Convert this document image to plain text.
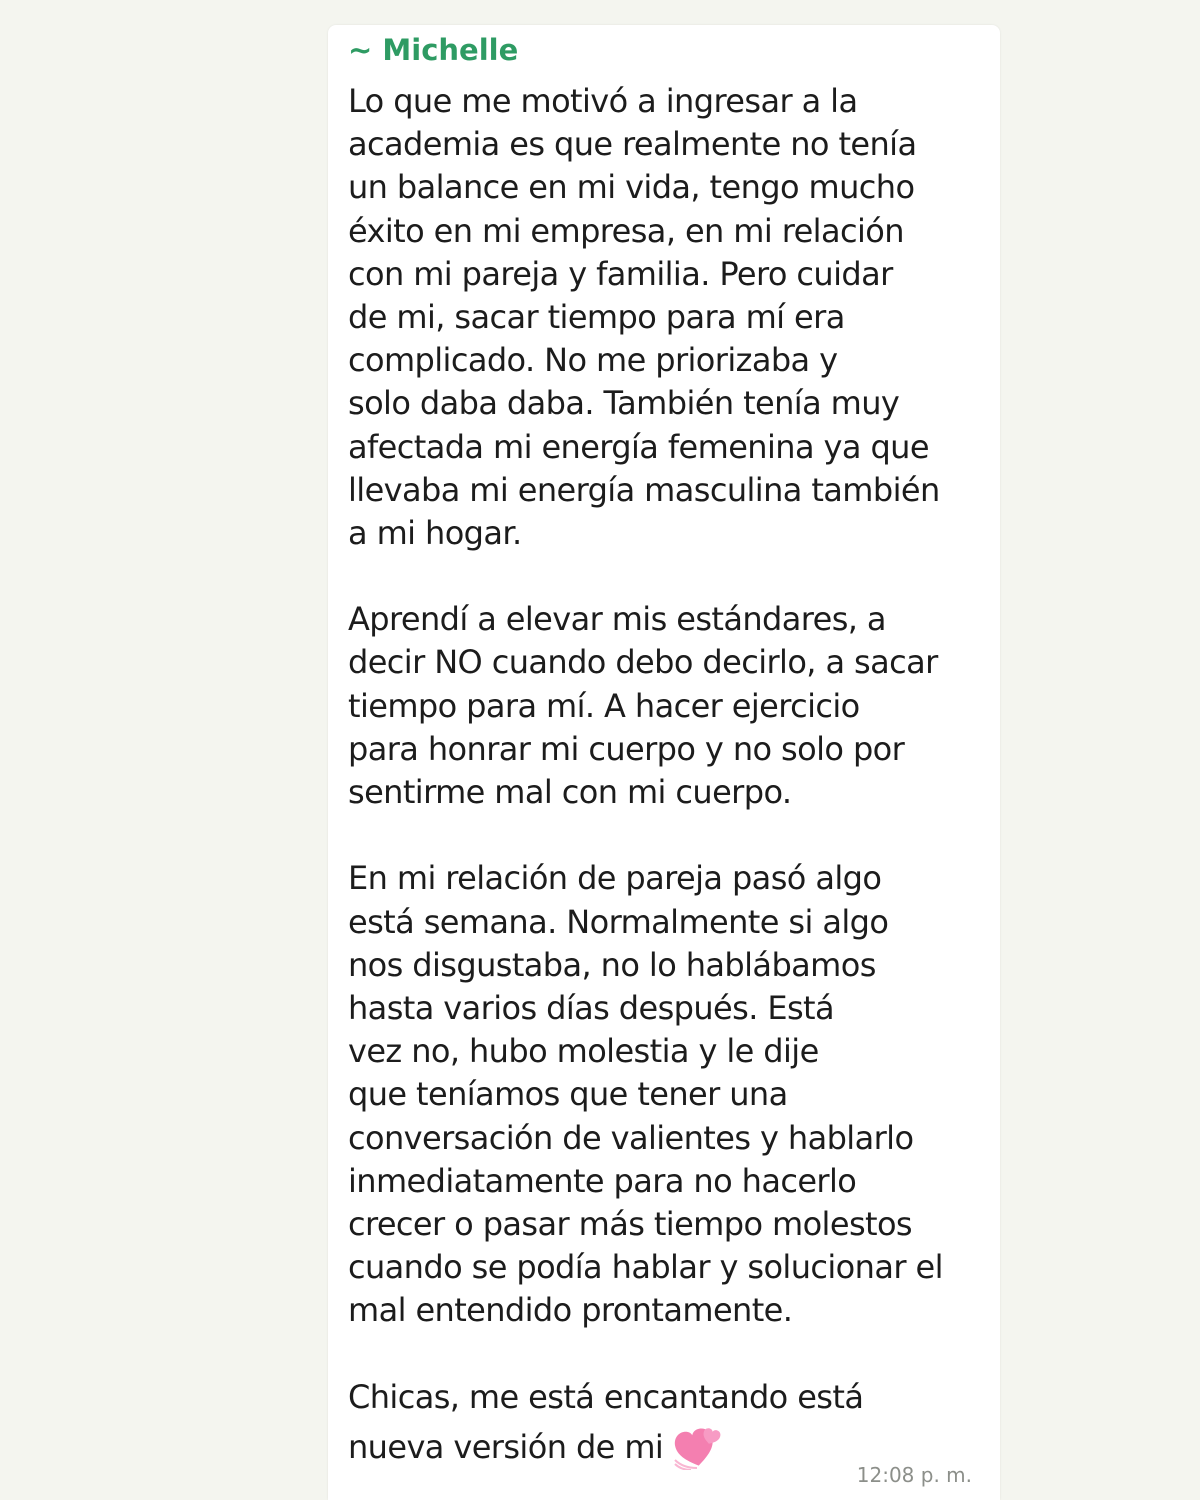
~ Michelle
Lo que me motivó a ingresar a la
academia es que realmente no tenía
un balance en mi vida, tengo mucho
éxito en mi empresa, en mi relación
con mi pareja y familia. Pero cuidar
de mi, sacar tiempo para mí era
complicado. No me priorizaba y
solo daba daba. También tenía muy
afectada mi energía femenina ya que
llevaba mi energía masculina también
a mi hogar.
Aprendí a elevar mis estándares, a
decir NO cuando debo decirlo, a sacar
tiempo para mí. A hacer ejercicio
para honrar mi cuerpo y no solo por
sentirme mal con mi cuerpo.
En mi relación de pareja pasó algo
está semana. Normalmente si algo
nos disgustaba, no lo hablábamos
hasta varios días después. Está
vez no, hubo molestia y le dije
que teníamos que tener una
conversación de valientes y hablarlo
inmediatamente para no hacerlo
crecer o pasar más tiempo molestos
cuando se podía hablar y solucionar el
mal entendido prontamente.
Chicas, me está encantando está
nueva versión de mi
12:08 p. m.
